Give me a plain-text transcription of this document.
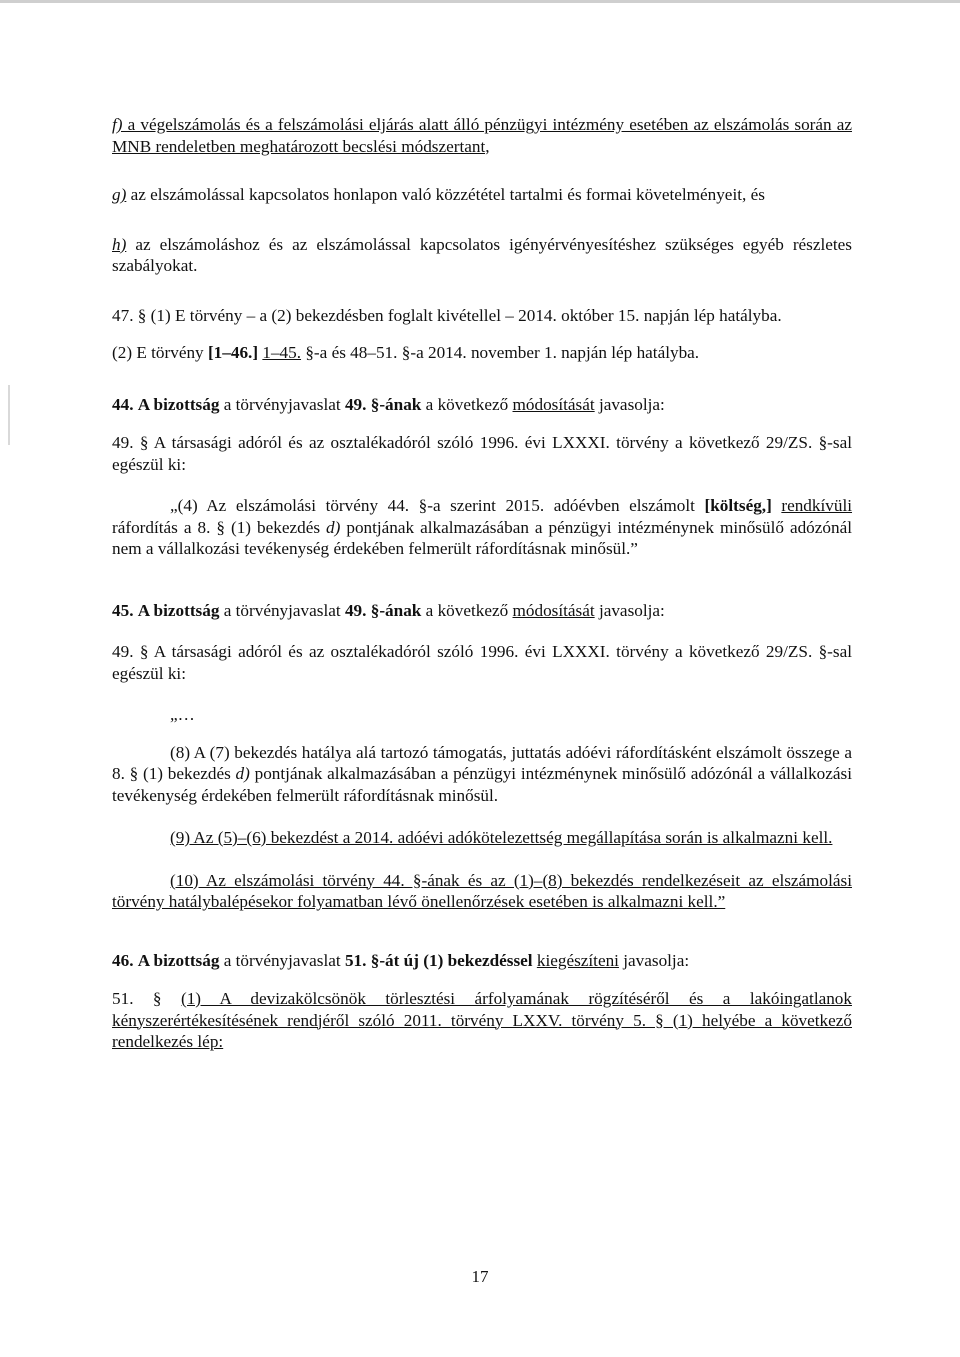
f) a végelszámolás és a felszámolási eljárás alatt álló pénzügyi intézmény esetében az elszámolás során az MNB rendeletben meghatározott becslési módszertant,

g) az elszámolással kapcsolatos honlapon való közzététel tartalmi és formai követelményeit, és

h) az elszámoláshoz és az elszámolással kapcsolatos igényérvényesítéshez szükséges egyéb részletes szabályokat.

47. § (1) E törvény – a (2) bekezdésben foglalt kivétellel – 2014. október 15. napján lép hatályba.

(2) E törvény [1–46.] 1–45. §-a és 48–51. §-a 2014. november 1. napján lép hatályba.

44. A bizottság a törvényjavaslat 49. §-ának a következő módosítását javasolja:

49. § A társasági adóról és az osztalékadóról szóló 1996. évi LXXXI. törvény a következő 29/ZS. §-sal egészül ki:

„(4) Az elszámolási törvény 44. §-a szerint 2015. adóévben elszámolt [költség,] rendkívüli ráfordítás a 8. § (1) bekezdés d) pontjának alkalmazásában a pénzügyi intézménynek minősülő adózónál nem a vállalkozási tevékenység érdekében felmerült ráfordításnak minősül.”

45. A bizottság a törvényjavaslat 49. §-ának a következő módosítását javasolja:

49. § A társasági adóról és az osztalékadóról szóló 1996. évi LXXXI. törvény a következő 29/ZS. §-sal egészül ki:

„…

(8) A (7) bekezdés hatálya alá tartozó támogatás, juttatás adóévi ráfordításként elszámolt összege a 8. § (1) bekezdés d) pontjának alkalmazásában a pénzügyi intézménynek minősülő adózónál a vállalkozási tevékenység érdekében felmerült ráfordításnak minősül.

(9) Az (5)–(6) bekezdést a 2014. adóévi adókötelezettség megállapítása során is alkalmazni kell.

(10) Az elszámolási törvény 44. §-ának és az (1)–(8) bekezdés rendelkezéseit az elszámolási törvény hatálybalépésekor folyamatban lévő önellenőrzések esetében is alkalmazni kell.”

46. A bizottság a törvényjavaslat 51. §-át új (1) bekezdéssel kiegészíteni javasolja:

51. § (1) A devizakölcsönök törlesztési árfolyamának rögzítéséről és a lakóingatlanok kényszerértékesítésének rendjéről szóló 2011. törvény LXXV. törvény 5. § (1) helyébe a következő rendelkezés lép:

17
